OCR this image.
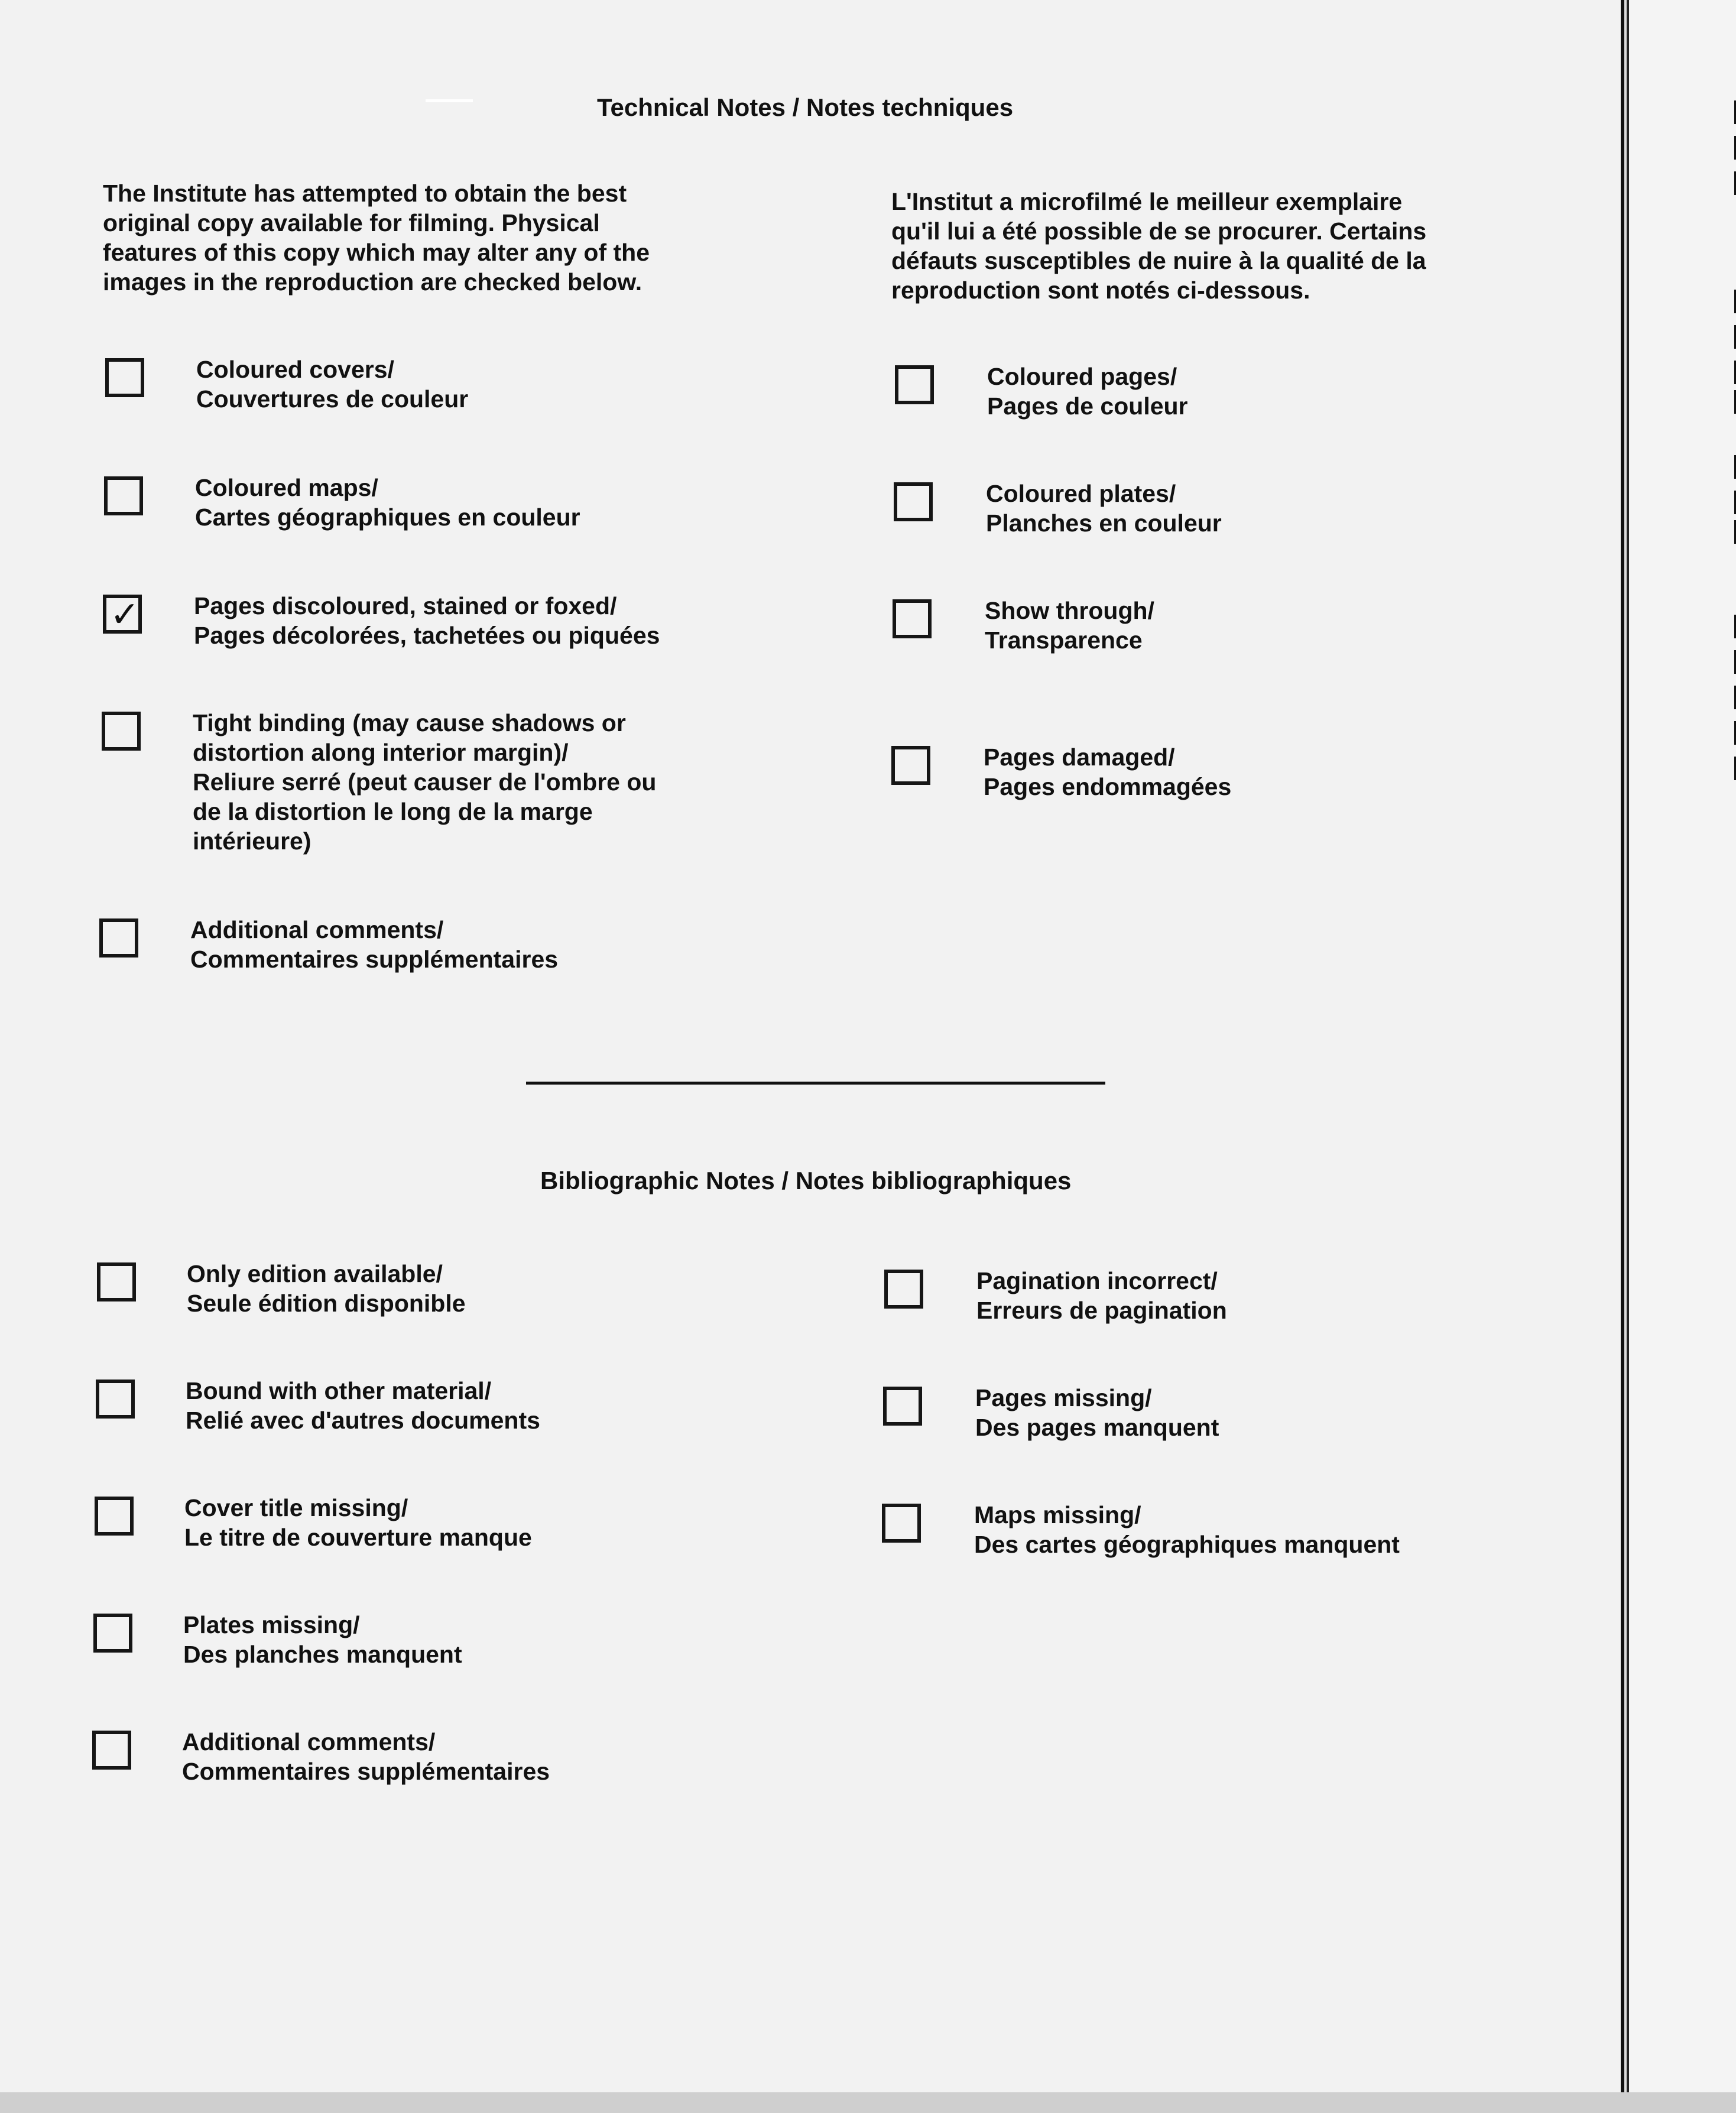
Technical Notes / Notes techniques
The Institute has attempted to obtain the best
original copy available for filming. Physical
features of this copy which may alter any of the
images in the reproduction are checked below.
L'Institut a microfilmé le meilleur exemplaire
qu'il lui a été possible de se procurer. Certains
défauts susceptibles de nuire à la qualité de la
reproduction sont notés ci-dessous.
Coloured covers/
Couvertures de couleur
Coloured maps/
Cartes géographiques en couleur
✓ Pages discoloured, stained or foxed/
Pages décolorées, tachetées ou piquées
Tight binding (may cause shadows or
distortion along interior margin)/
Reliure serré (peut causer de l'ombre ou
de la distortion le long de la marge
intérieure)
Additional comments/
Commentaires supplémentaires
Coloured pages/
Pages de couleur
Coloured plates/
Planches en couleur
Show through/
Transparence
Pages damaged/
Pages endommagées
Bibliographic Notes / Notes bibliographiques
Only edition available/
Seule édition disponible
Bound with other material/
Relié avec d'autres documents
Cover title missing/
Le titre de couverture manque
Plates missing/
Des planches manquent
Additional comments/
Commentaires supplémentaires
Pagination incorrect/
Erreurs de pagination
Pages missing/
Des pages manquent
Maps missing/
Des cartes géographiques manquent
